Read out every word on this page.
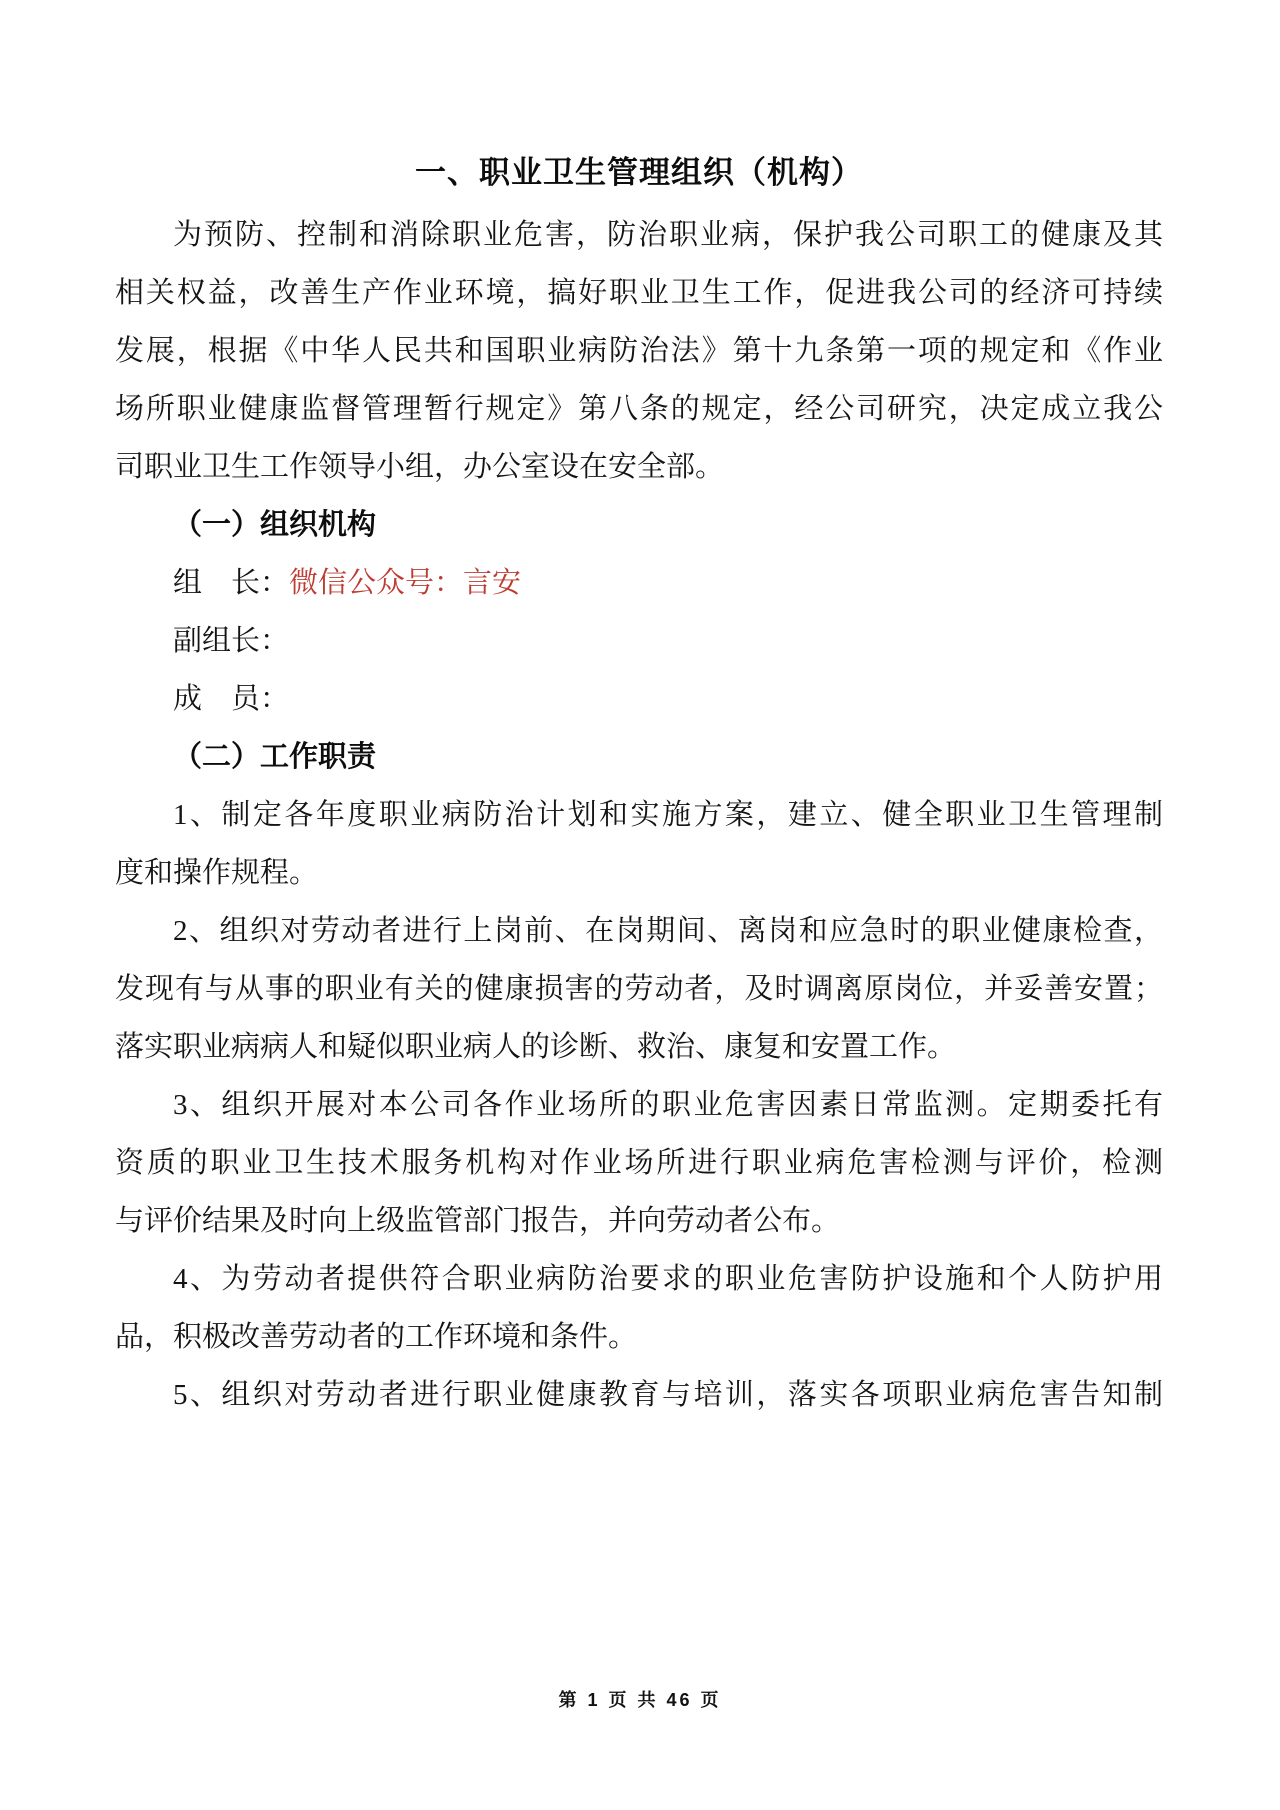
一、职业卫生管理组织（机构）
为预防、控制和消除职业危害，防治职业病，保护我公司职工的健康及其
相关权益，改善生产作业环境，搞好职业卫生工作，促进我公司的经济可持续
发展，根据《中华人民共和国职业病防治法》第十九条第一项的规定和《作业
场所职业健康监督管理暂行规定》第八条的规定，经公司研究，决定成立我公
司职业卫生工作领导小组，办公室设在安全部。
（一）组织机构
组　长：微信公众号：言安
副组长：
成　员：
（二）工作职责
1、制定各年度职业病防治计划和实施方案，建立、健全职业卫生管理制
度和操作规程。
2、组织对劳动者进行上岗前、在岗期间、离岗和应急时的职业健康检查，
发现有与从事的职业有关的健康损害的劳动者，及时调离原岗位，并妥善安置；
落实职业病病人和疑似职业病人的诊断、救治、康复和安置工作。
3、组织开展对本公司各作业场所的职业危害因素日常监测。定期委托有
资质的职业卫生技术服务机构对作业场所进行职业病危害检测与评价，检测
与评价结果及时向上级监管部门报告，并向劳动者公布。
4、为劳动者提供符合职业病防治要求的职业危害防护设施和个人防护用
品，积极改善劳动者的工作环境和条件。
5、组织对劳动者进行职业健康教育与培训，落实各项职业病危害告知制
第 1 页 共 46 页
